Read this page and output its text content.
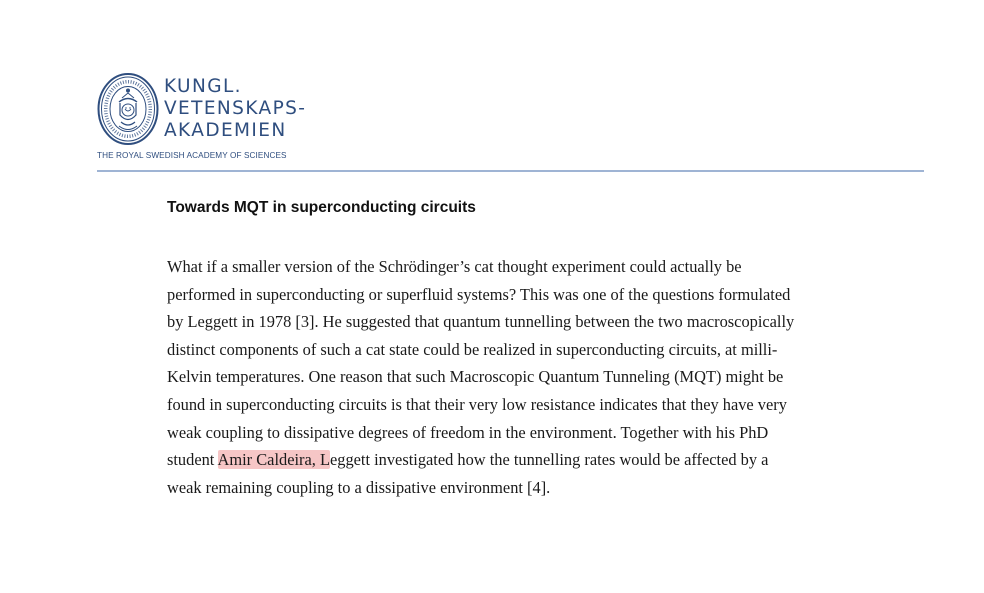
KUNGL.
VETENSKAPS-
AKADEMIEN
THE ROYAL SWEDISH ACADEMY OF SCIENCES
Towards MQT in superconducting circuits
What if a smaller version of the Schrödinger’s cat thought experiment could actually be
performed in superconducting or superfluid systems? This was one of the questions formulated
by Leggett in 1978 [3]. He suggested that quantum tunnelling between the two macroscopically
distinct components of such a cat state could be realized in superconducting circuits, at milli-
Kelvin temperatures. One reason that such Macroscopic Quantum Tunneling (MQT) might be
found in superconducting circuits is that their very low resistance indicates that they have very
weak coupling to dissipative degrees of freedom in the environment. Together with his PhD
student Amir Caldeira, Leggett investigated how the tunnelling rates would be affected by a
weak remaining coupling to a dissipative environment [4].
